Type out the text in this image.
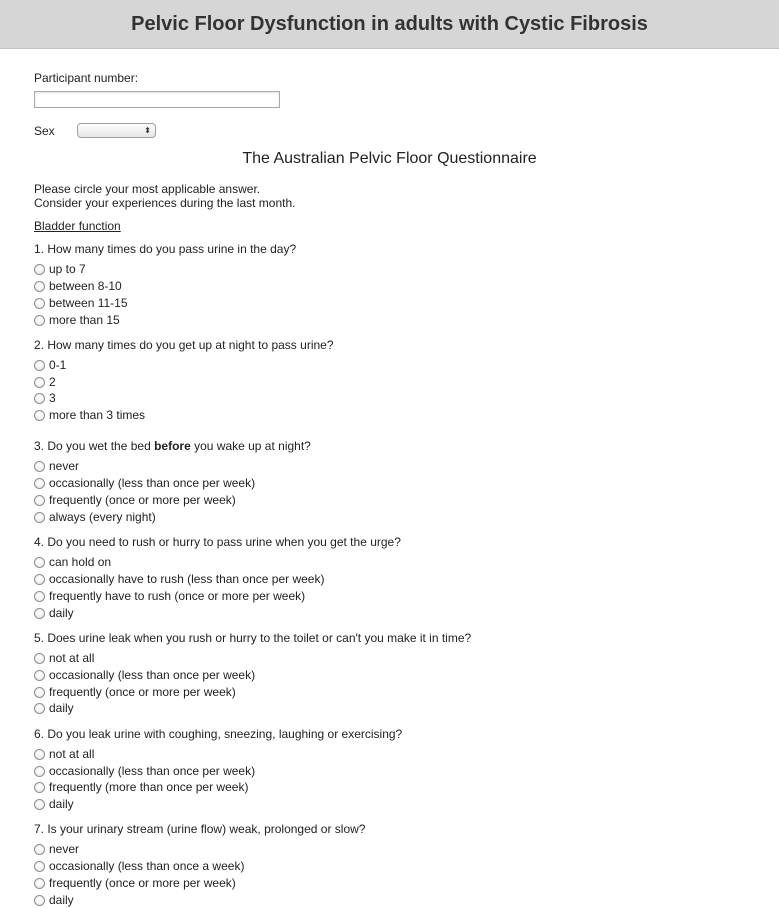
Pelvic Floor Dysfunction in adults with Cystic Fibrosis
Participant number:
Sex	⬍
The Australian Pelvic Floor Questionnaire
Please circle your most applicable answer.
Consider your experiences during the last month.
Bladder function
1. How many times do you pass urine in the day?
up to 7
between 8-10
between 11-15
more than 15
2. How many times do you get up at night to pass urine?
0-1
2
3
more than 3 times
3. Do you wet the bed before you wake up at night?
never
occasionally (less than once per week)
frequently (once or more per week)
always (every night)
4. Do you need to rush or hurry to pass urine when you get the urge?
can hold on
occasionally have to rush (less than once per week)
frequently have to rush (once or more per week)
daily
5. Does urine leak when you rush or hurry to the toilet or can't you make it in time?
not at all
occasionally (less than once per week)
frequently (once or more per week)
daily
6. Do you leak urine with coughing, sneezing, laughing or exercising?
not at all
occasionally (less than once per week)
frequently (more than once per week)
daily
7. Is your urinary stream (urine flow) weak, prolonged or slow?
never
occasionally (less than once a week)
frequently (once or more per week)
daily
